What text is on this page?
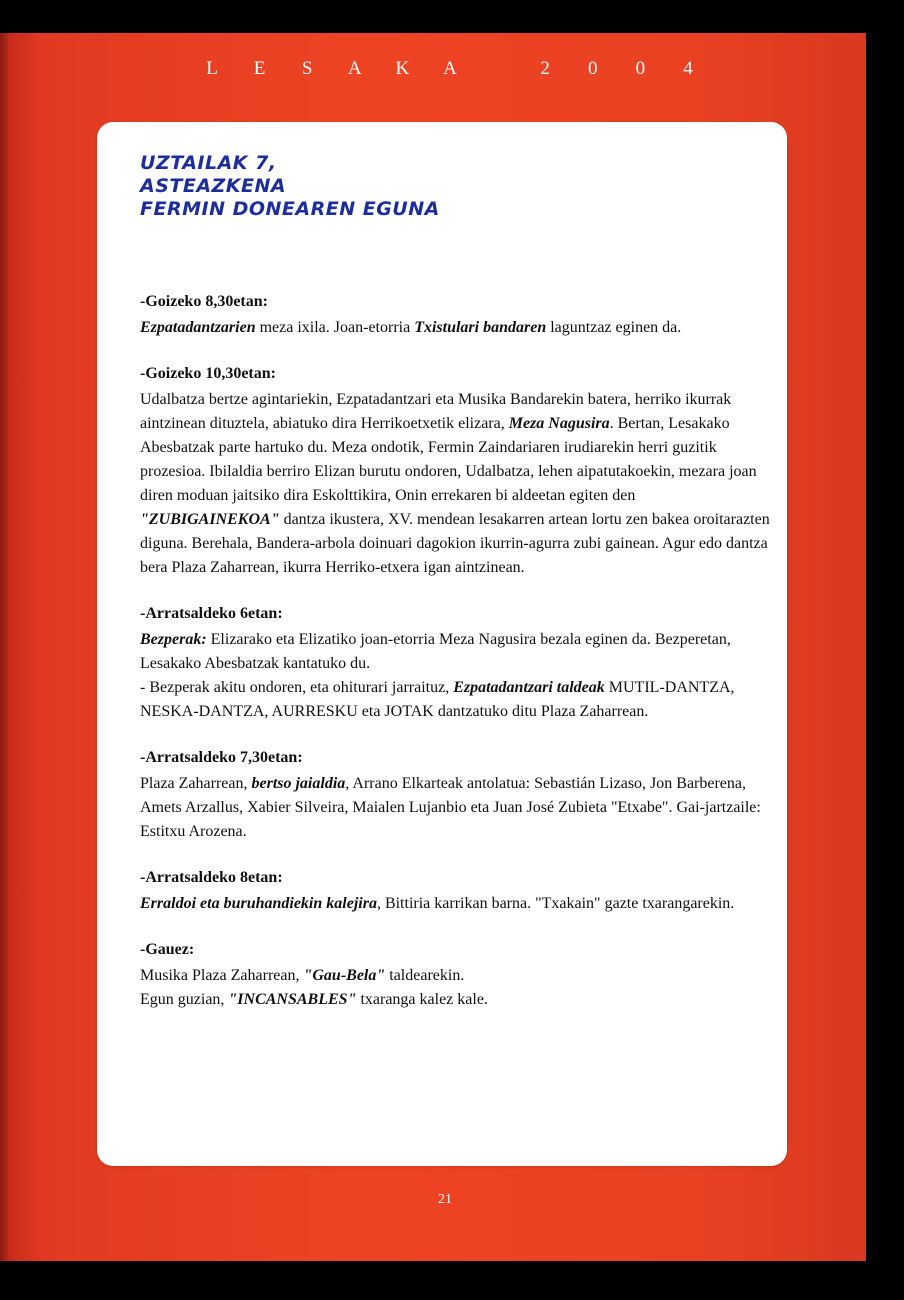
L	E	S	A K A	2	0	0	4
UZTAILAK 7,
ASTEAZKENA
FERMIN DONEAREN EGUNA

-Goizeko 8,30etan:

Ezpatadantzarien meza ixila. Joan-etorria Txistulari bandaren laguntzaz eginen da.

-Goizeko 10,30etan:

Udalbatza bertze agintariekin, Ezpatadantzari eta Musika Bandarekin batera, herriko ikurrak aintzinean dituztela, abiatuko dira Herrikoetxetik elizara, Meza Nagusira. Bertan, Lesakako Abesbatzak parte hartuko du. Meza ondotik, Fermin Zaindariaren irudiarekin herri guzitik prozesioa. Ibilaldia berriro Elizan burutu ondoren, Udalbatza, lehen aipatutakoekin, mezara joan diren moduan jaitsiko dira Eskolttikira, Onin errekaren bi aldeetan egiten den "ZUBIGAINEKOA" dantza ikustera, XV. mendean lesakarren artean lortu zen bakea oroitarazten diguna. Berehala, Bandera-arbola doinuari dagokion ikurrin-agurra zubi gainean. Agur edo dantza bera Plaza Zaharrean, ikurra Herriko-etxera igan aintzinean.

-Arratsaldeko 6etan:

Bezperak: Elizarako eta Elizatiko joan-etorria Meza Nagusira bezala eginen da. Bezperetan, Lesakako Abesbatzak kantatuko du.

- Bezperak akitu ondoren, eta ohiturari jarraituz, Ezpatadantzari taldeak MUTIL-DANTZA, NESKA-DANTZA, AURRESKU eta JOTAK dantzatuko ditu Plaza Zaharrean.

-Arratsaldeko 7,30etan:

Plaza Zaharrean, bertso jaialdia, Arrano Elkarteak antolatua: Sebastián Lizaso, Jon Barberena, Amets Arzallus, Xabier Silveira, Maialen Lujanbio eta Juan José Zubieta "Etxabe". Gai-jartzaile: Estitxu Arozena.

-Arratsaldeko 8etan:

Erraldoi eta buruhandiekin kalejira, Bittiria karrikan barna. "Txakain" gazte txarangarekin.

-Gauez:

Musika Plaza Zaharrean, "Gau-Bela" taldearekin.

Egun guzian, "INCANSABLES" txaranga kalez kale.

21
